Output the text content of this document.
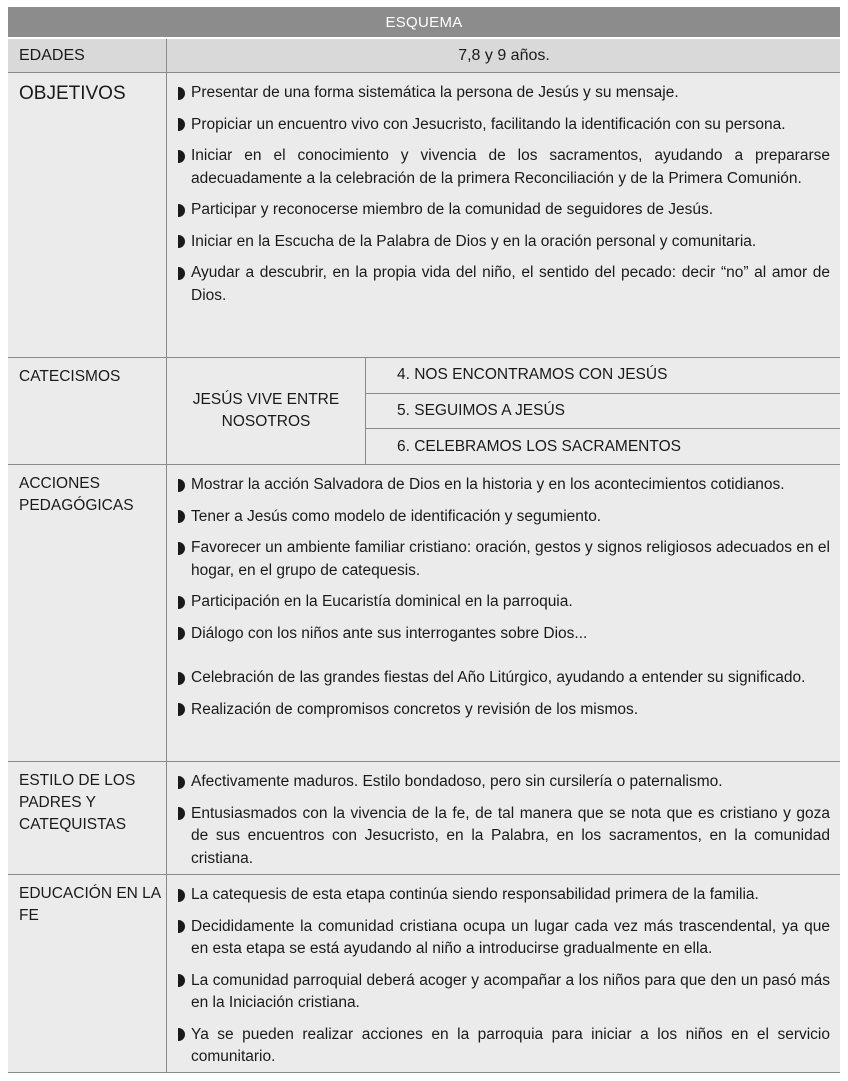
ESQUEMA
EDADES	7,8 y 9 años.
OBJETIVOS	Presentar de una forma sistemática la persona de Jesús y su mensaje.
Propiciar un encuentro vivo con Jesucristo, facilitando la identificación con su persona.
Iniciar en el conocimiento y vivencia de los sacramentos, ayudando a prepararse adecuadamente a la celebración de la primera Reconciliación y de la Primera Comunión.
Participar y reconocerse miembro de la comunidad de seguidores de Jesús.
Iniciar en la Escucha de la Palabra de Dios y en la oración personal y comunitaria.
Ayudar a descubrir, en la propia vida del niño, el sentido del pecado: decir “no” al amor de Dios.
CATECISMOS
JESÚS VIVE ENTRE NOSOTROS
4. NOS ENCONTRAMOS CON JESÚS
5. SEGUIMOS A JESÚS
6. CELEBRAMOS LOS SACRAMENTOS
ACCIONES PEDAGÓGICAS
Mostrar la acción Salvadora de Dios en la historia y en los acontecimientos cotidianos.
Tener a Jesús como modelo de identificación y segumiento.
Favorecer un ambiente familiar cristiano: oración, gestos y signos religiosos adecuados en el hogar, en el grupo de catequesis.
Participación en la Eucaristía dominical en la parroquia.
Diálogo con los niños ante sus interrogantes sobre Dios...
Celebración de las grandes fiestas del Año Litúrgico, ayudando a entender su significado.
Realización de compromisos concretos y revisión de los mismos.
ESTILO DE LOS PADRES Y CATEQUISTAS
Afectivamente maduros. Estilo bondadoso, pero sin cursilería o paternalismo.
Entusiasmados con la vivencia de la fe, de tal manera que se nota que es cristiano y goza de sus encuentros con Jesucristo, en la Palabra, en los sacramentos, en la comunidad cristiana.
EDUCACIÓN EN LA FE
La catequesis de esta etapa continúa siendo responsabilidad primera de la familia.
Decididamente la comunidad cristiana ocupa un lugar cada vez más trascendental, ya que en esta etapa se está ayudando al niño a introducirse gradualmente en ella.
La comunidad parroquial deberá acoger y acompañar a los niños para que den un pasó más en la Iniciación cristiana.
Ya se pueden realizar acciones en la parroquia para iniciar a los niños en el servicio comunitario.
